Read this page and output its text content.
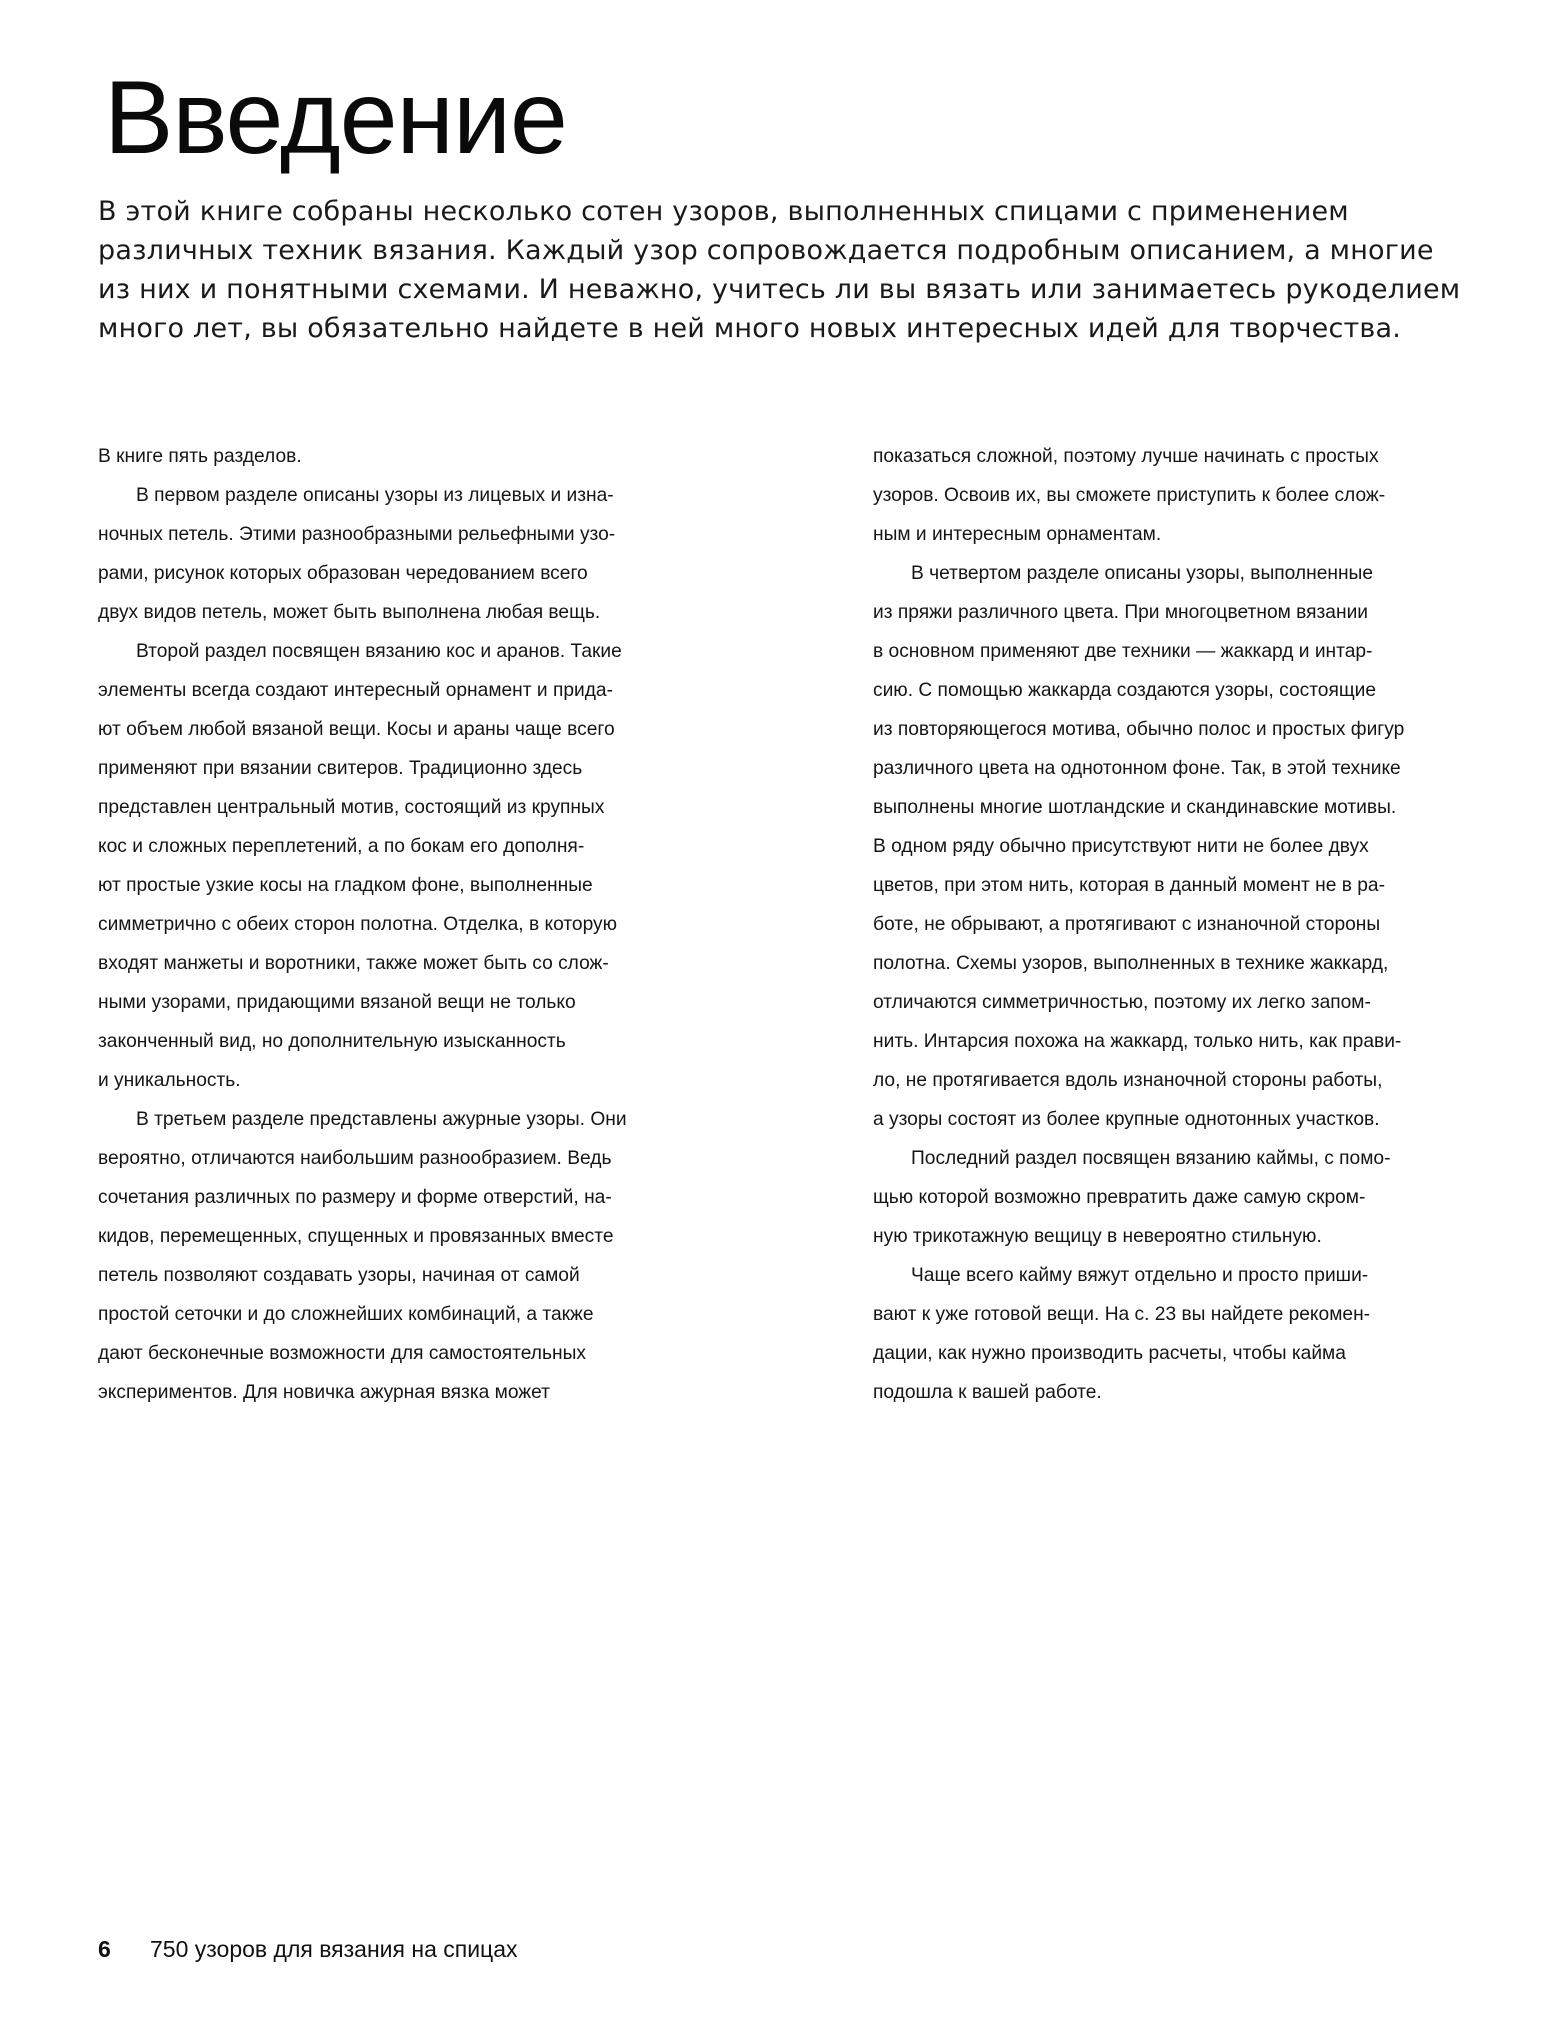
Введение

В этой книге собраны несколько сотен узоров, выполненных спицами с применением
различных техник вязания. Каждый узор сопровождается подробным описанием, а многие
из них и понятными схемами. И неважно, учитесь ли вы вязать или занимаетесь рукоделием
много лет, вы обязательно найдете в ней много новых интересных идей для творчества.

В книге пять разделов.
В первом разделе описаны узоры из лицевых и изна-
ночных петель. Этими разнообразными рельефными узо-
рами, рисунок которых образован чередованием всего
двух видов петель, может быть выполнена любая вещь.
Второй раздел посвящен вязанию кос и аранов. Такие
элементы всегда создают интересный орнамент и прида-
ют объем любой вязаной вещи. Косы и араны чаще всего
применяют при вязании свитеров. Традиционно здесь
представлен центральный мотив, состоящий из крупных
кос и сложных переплетений, а по бокам его дополня-
ют простые узкие косы на гладком фоне, выполненные
симметрично с обеих сторон полотна. Отделка, в которую
входят манжеты и воротники, также может быть со слож-
ными узорами, придающими вязаной вещи не только
законченный вид, но дополнительную изысканность
и уникальность.
В третьем разделе представлены ажурные узоры. Они
вероятно, отличаются наибольшим разнообразием. Ведь
сочетания различных по размеру и форме отверстий, на-
кидов, перемещенных, спущенных и провязанных вместе
петель позволяют создавать узоры, начиная от самой
простой сеточки и до сложнейших комбинаций, а также
дают бесконечные возможности для самостоятельных
экспериментов. Для новичка ажурная вязка может
показаться сложной, поэтому лучше начинать с простых
узоров. Освоив их, вы сможете приступить к более слож-
ным и интересным орнаментам.
В четвертом разделе описаны узоры, выполненные
из пряжи различного цвета. При многоцветном вязании
в основном применяют две техники — жаккард и интар-
сию. С помощью жаккарда создаются узоры, состоящие
из повторяющегося мотива, обычно полос и простых фигур
различного цвета на однотонном фоне. Так, в этой технике
выполнены многие шотландские и скандинавские мотивы.
В одном ряду обычно присутствуют нити не более двух
цветов, при этом нить, которая в данный момент не в ра-
боте, не обрывают, а протягивают с изнаночной стороны
полотна. Схемы узоров, выполненных в технике жаккард,
отличаются симметричностью, поэтому их легко запом-
нить. Интарсия похожа на жаккард, только нить, как прави-
ло, не протягивается вдоль изнаночной стороны работы,
а узоры состоят из более крупные однотонных участков.
Последний раздел посвящен вязанию каймы, с помо-
щью которой возможно превратить даже самую скром-
ную трикотажную вещицу в невероятно стильную.
Чаще всего кайму вяжут отдельно и просто приши-
вают к уже готовой вещи. На с. 23 вы найдете рекомен-
дации, как нужно производить расчеты, чтобы кайма
подошла к вашей работе.
6 750 узоров для вязания на спицах
